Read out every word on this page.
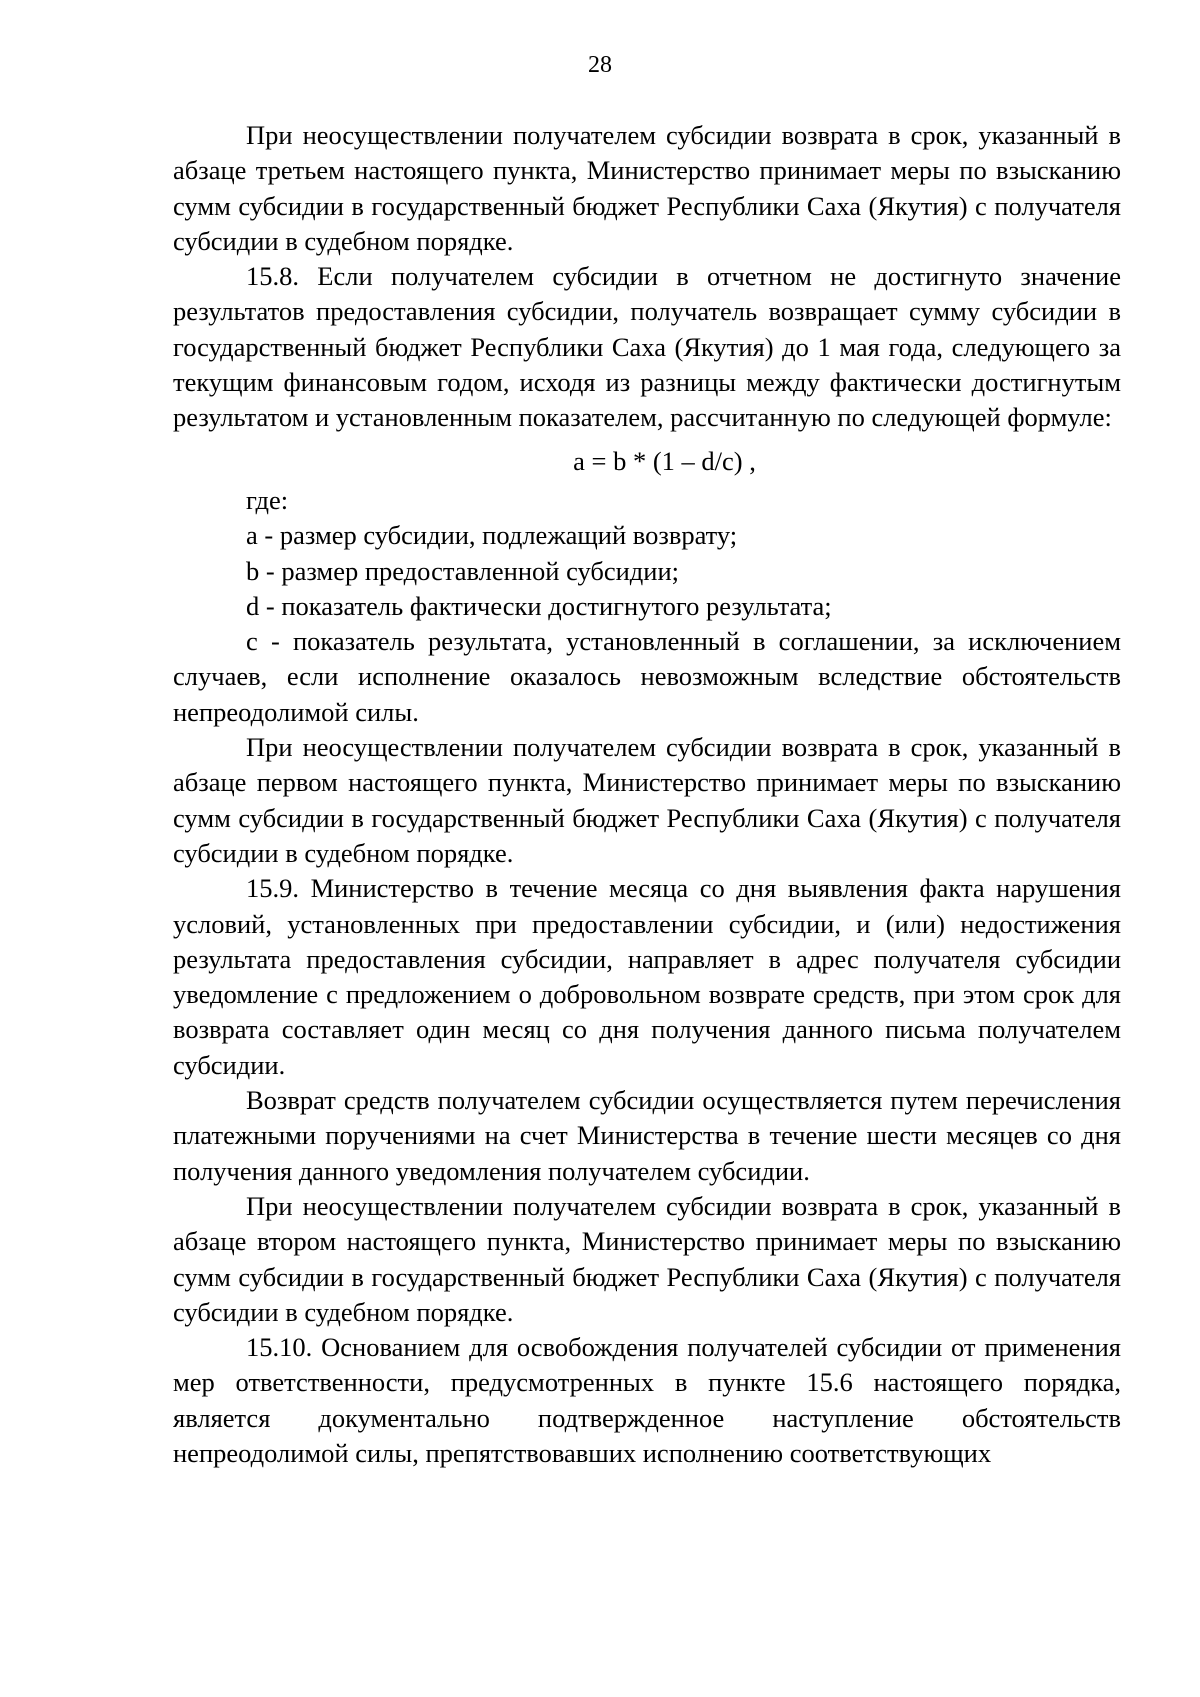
28

При неосуществлении получателем субсидии возврата в срок, указанный в абзаце третьем настоящего пункта, Министерство принимает меры по взысканию сумм субсидии в государственный бюджет Республики Саха (Якутия) с получателя субсидии в судебном порядке.

15.8. Если получателем субсидии в отчетном не достигнуто значение результатов предоставления субсидии, получатель возвращает сумму субсидии в государственный бюджет Республики Саха (Якутия) до 1 мая года, следующего за текущим финансовым годом, исходя из разницы между фактически достигнутым результатом и установленным показателем, рассчитанную по следующей формуле:

a = b * (1 – d/c) ,

где:

a - размер субсидии, подлежащий возврату;

b - размер предоставленной субсидии;

d - показатель фактически достигнутого результата;

c - показатель результата, установленный в соглашении, за исключением случаев, если исполнение оказалось невозможным вследствие обстоятельств непреодолимой силы.

При неосуществлении получателем субсидии возврата в срок, указанный в абзаце первом настоящего пункта, Министерство принимает меры по взысканию сумм субсидии в государственный бюджет Республики Саха (Якутия) с получателя субсидии в судебном порядке.

15.9. Министерство в течение месяца со дня выявления факта нарушения условий, установленных при предоставлении субсидии, и (или) недостижения результата предоставления субсидии, направляет в адрес получателя субсидии уведомление с предложением о добровольном возврате средств, при этом срок для возврата составляет один месяц со дня получения данного письма получателем субсидии.

Возврат средств получателем субсидии осуществляется путем перечисления платежными поручениями на счет Министерства в течение шести месяцев со дня получения данного уведомления получателем субсидии.

При неосуществлении получателем субсидии возврата в срок, указанный в абзаце втором настоящего пункта, Министерство принимает меры по взысканию сумм субсидии в государственный бюджет Республики Саха (Якутия) с получателя субсидии в судебном порядке.

15.10. Основанием для освобождения получателей субсидии от применения мер ответственности, предусмотренных в пункте 15.6 настоящего порядка, является документально подтвержденное наступление обстоятельств непреодолимой силы, препятствовавших исполнению соответствующих
